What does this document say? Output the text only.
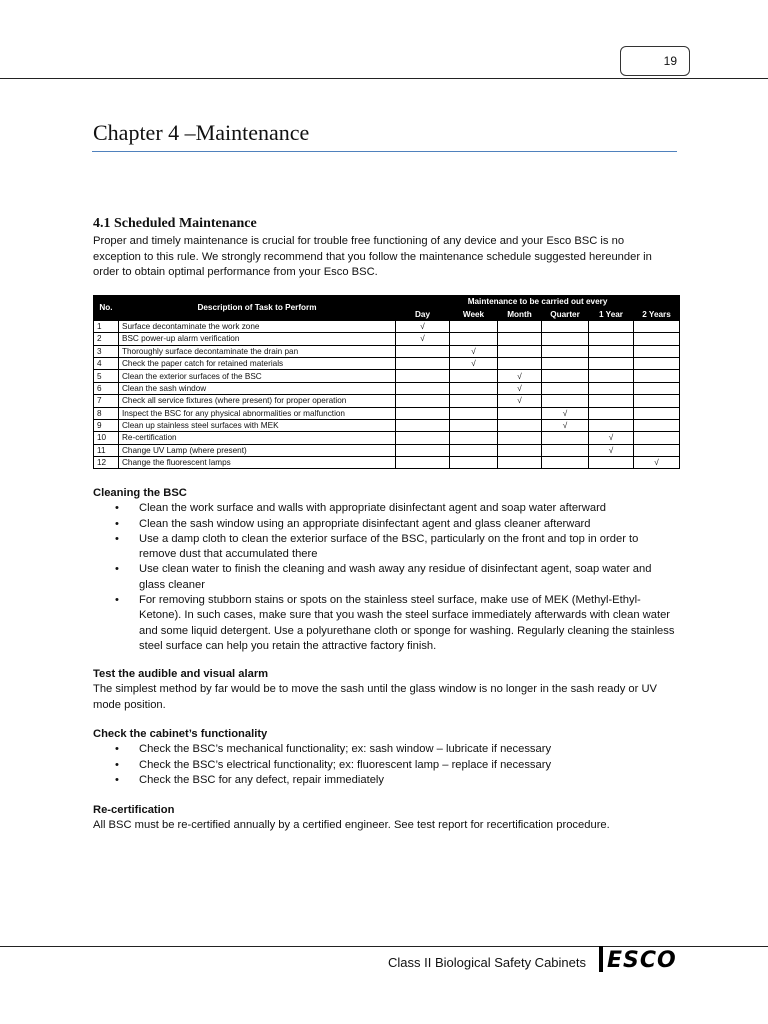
19
Chapter 4 –Maintenance
4.1 Scheduled Maintenance
Proper and timely maintenance is crucial for trouble free functioning of any device and your Esco BSC is no exception to this rule. We strongly recommend that you follow the maintenance schedule suggested hereunder in order to obtain optimal performance from your Esco BSC.
No.	Description of Task to Perform	Maintenance to be carried out every					
		Day	Week	Month	Quarter	1 Year	2 Years
1	Surface decontaminate the work zone	√					
2	BSC power-up alarm verification	√					
3	Thoroughly surface decontaminate the drain pan		√				
4	Check the paper catch for retained materials		√				
5	Clean the exterior surfaces of the BSC			√			
6	Clean the sash window			√			
7	Check all service fixtures (where present) for proper operation			√			
8	Inspect the BSC for any physical abnormalities or malfunction				√		
9	Clean up stainless steel surfaces with MEK				√		
10	Re-certification					√	
11	Change UV Lamp (where present)					√	
12	Change the fluorescent lamps						√
Cleaning the BSC
• Clean the work surface and walls with appropriate disinfectant agent and soap water afterward
• Clean the sash window using an appropriate disinfectant agent and glass cleaner afterward
• Use a damp cloth to clean the exterior surface of the BSC, particularly on the front and top in order to remove dust that accumulated there
• Use clean water to finish the cleaning and wash away any residue of disinfectant agent, soap water and glass cleaner
• For removing stubborn stains or spots on the stainless steel surface, make use of MEK (Methyl-Ethyl-Ketone). In such cases, make sure that you wash the steel surface immediately afterwards with clean water and some liquid detergent. Use a polyurethane cloth or sponge for washing. Regularly cleaning the stainless steel surface can help you retain the attractive factory finish.
Test the audible and visual alarm
The simplest method by far would be to move the sash until the glass window is no longer in the sash ready or UV mode position.
Check the cabinet’s functionality
• Check the BSC’s mechanical functionality; ex: sash window – lubricate if necessary
• Check the BSC’s electrical functionality; ex: fluorescent lamp – replace if necessary
• Check the BSC for any defect, repair immediately
Re-certification
All BSC must be re-certified annually by a certified engineer. See test report for recertification procedure.
Class II Biological Safety Cabinets ESCO
